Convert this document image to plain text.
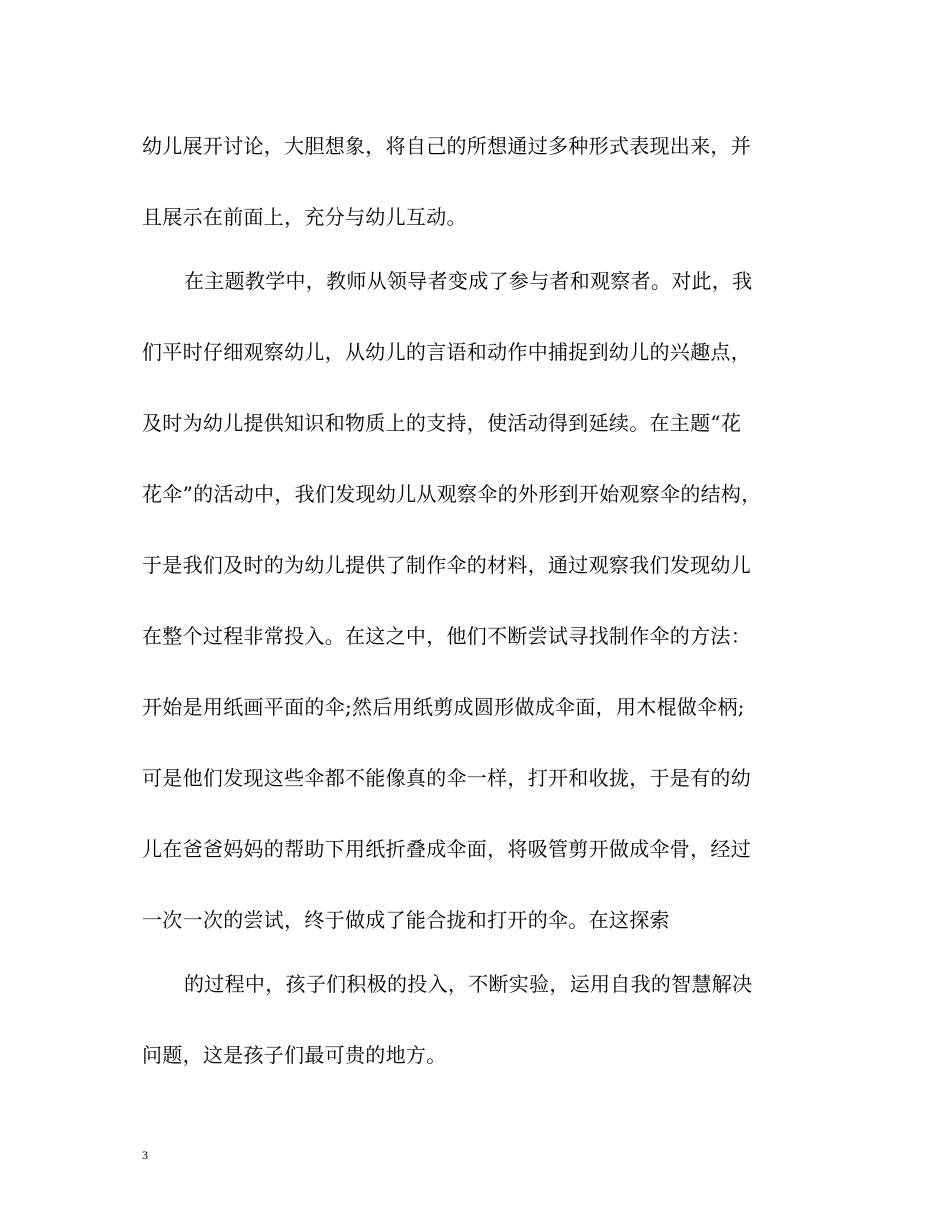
幼儿展开讨论，大胆想象，将自己的所想通过多种形式表现出来，并
且展示在前面上，充分与幼儿互动。
在主题教学中，教师从领导者变成了参与者和观察者。对此，我
们平时仔细观察幼儿，从幼儿的言语和动作中捕捉到幼儿的兴趣点，
及时为幼儿提供知识和物质上的支持，使活动得到延续。在主题“花
花伞”的活动中，我们发现幼儿从观察伞的外形到开始观察伞的结构，
于是我们及时的为幼儿提供了制作伞的材料，通过观察我们发现幼儿
在整个过程非常投入。在这之中，他们不断尝试寻找制作伞的方法：
开始是用纸画平面的伞;然后用纸剪成圆形做成伞面，用木棍做伞柄;
可是他们发现这些伞都不能像真的伞一样，打开和收拢，于是有的幼
儿在爸爸妈妈的帮助下用纸折叠成伞面，将吸管剪开做成伞骨，经过
一次一次的尝试，终于做成了能合拢和打开的伞。在这探索
的过程中，孩子们积极的投入，不断实验，运用自我的智慧解决
问题，这是孩子们最可贵的地方。
3
